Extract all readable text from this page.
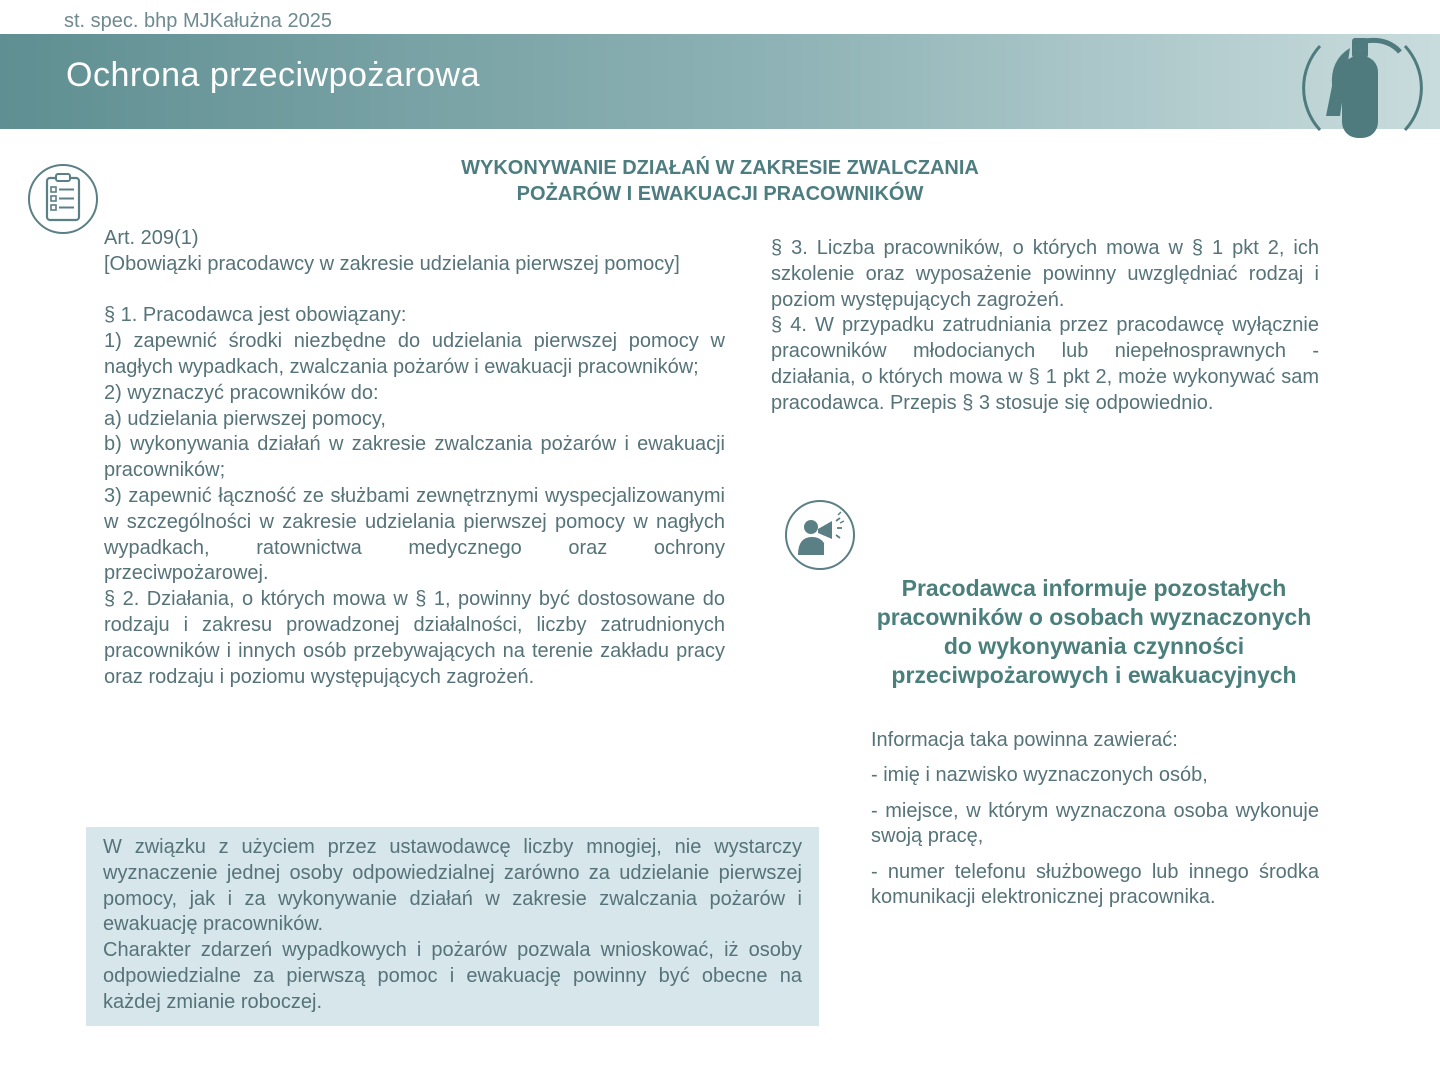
st. spec. bhp MJKałużna 2025
Ochrona przeciwpożarowa
WYKONYWANIE DZIAŁAŃ W ZAKRESIE ZWALCZANIA
POŻARÓW I EWAKUACJI PRACOWNIKÓW

Art. 209(1)

[Obowiązki pracodawcy w zakresie udzielania pierwszej pomocy]

§ 1. Pracodawca jest obowiązany:

1) zapewnić środki niezbędne do udzielania pierwszej pomocy w nagłych wypadkach, zwalczania pożarów i ewakuacji pracowników;

2) wyznaczyć pracowników do:

a) udzielania pierwszej pomocy,

b) wykonywania działań w zakresie zwalczania pożarów i ewakuacji pracowników;

3) zapewnić łączność ze służbami zewnętrznymi wyspecjalizowanymi w szczególności w zakresie udzielania pierwszej pomocy w nagłych wypadkach, ratownictwa medycznego oraz ochrony przeciwpożarowej.

§ 2. Działania, o których mowa w § 1, powinny być dostosowane do rodzaju i zakresu prowadzonej działalności, liczby zatrudnionych pracowników i innych osób przebywających na terenie zakładu pracy oraz rodzaju i poziomu występujących zagrożeń.

§ 3. Liczba pracowników, o których mowa w § 1 pkt 2, ich szkolenie oraz wyposażenie powinny uwzględniać rodzaj i poziom występujących zagrożeń.

§ 4. W przypadku zatrudniania przez pracodawcę wyłącznie pracowników młodocianych lub niepełnosprawnych - działania, o których mowa w § 1 pkt 2, może wykonywać sam pracodawca. Przepis § 3 stosuje się odpowiednio.

W związku z użyciem przez ustawodawcę liczby mnogiej, nie wystarczy wyznaczenie jednej osoby odpowiedzialnej zarówno za udzielanie pierwszej pomocy, jak i za wykonywanie działań w zakresie zwalczania pożarów i ewakuację pracowników.

Charakter zdarzeń wypadkowych i pożarów pozwala wnioskować, iż osoby odpowiedzialne za pierwszą pomoc i ewakuację powinny być obecne na każdej zmianie roboczej.

Pracodawca informuje pozostałych pracowników o osobach wyznaczonych do wykonywania czynności przeciwpożarowych i ewakuacyjnych

Informacja taka powinna zawierać:

- imię i nazwisko wyznaczonych osób,

- miejsce, w którym wyznaczona osoba wykonuje swoją pracę,

- numer telefonu służbowego lub innego środka komunikacji elektronicznej pracownika.
